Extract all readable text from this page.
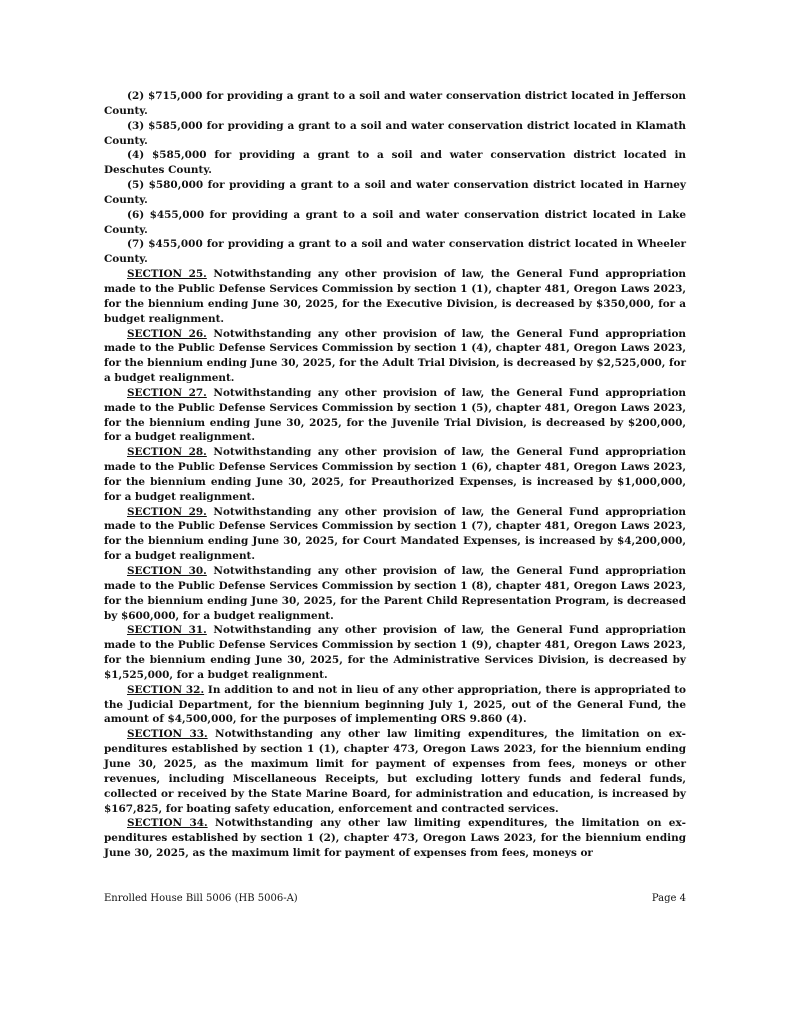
(2) $715,000 for providing a grant to a soil and water conservation district located in Jefferson County.

(3) $585,000 for providing a grant to a soil and water conservation district located in Klamath County.

(4) $585,000 for providing a grant to a soil and water conservation district located in Deschutes County.

(5) $580,000 for providing a grant to a soil and water conservation district located in Harney County.

(6) $455,000 for providing a grant to a soil and water conservation district located in Lake County.

(7) $455,000 for providing a grant to a soil and water conservation district located in Wheeler County.

SECTION 25. Notwithstanding any other provision of law, the General Fund appropriation made to the Public Defense Services Commission by section 1 (1), chapter 481, Oregon Laws 2023, for the biennium ending June 30, 2025, for the Executive Division, is decreased by $350,000, for a budget realignment.

SECTION 26. Notwithstanding any other provision of law, the General Fund appropriation made to the Public Defense Services Commission by section 1 (4), chapter 481, Oregon Laws 2023, for the biennium ending June 30, 2025, for the Adult Trial Division, is decreased by $2,525,000, for a budget realignment.

SECTION 27. Notwithstanding any other provision of law, the General Fund appropriation made to the Public Defense Services Commission by section 1 (5), chapter 481, Oregon Laws 2023, for the biennium ending June 30, 2025, for the Juvenile Trial Division, is decreased by $200,000, for a budget realignment.

SECTION 28. Notwithstanding any other provision of law, the General Fund appropriation made to the Public Defense Services Commission by section 1 (6), chapter 481, Oregon Laws 2023, for the biennium ending June 30, 2025, for Preauthorized Expenses, is increased by $1,000,000, for a budget realignment.

SECTION 29. Notwithstanding any other provision of law, the General Fund appropriation made to the Public Defense Services Commission by section 1 (7), chapter 481, Oregon Laws 2023, for the biennium ending June 30, 2025, for Court Mandated Expenses, is increased by $4,200,000, for a budget realignment.

SECTION 30. Notwithstanding any other provision of law, the General Fund appropriation made to the Public Defense Services Commission by section 1 (8), chapter 481, Oregon Laws 2023, for the biennium ending June 30, 2025, for the Parent Child Representation Program, is decreased by $600,000, for a budget realignment.

SECTION 31. Notwithstanding any other provision of law, the General Fund appropriation made to the Public Defense Services Commission by section 1 (9), chapter 481, Oregon Laws 2023, for the biennium ending June 30, 2025, for the Administrative Services Division, is decreased by $1,525,000, for a budget realignment.

SECTION 32. In addition to and not in lieu of any other appropriation, there is appropriated to the Judicial Department, for the biennium beginning July 1, 2025, out of the General Fund, the amount of $4,500,000, for the purposes of implementing ORS 9.860 (4).

SECTION 33. Notwithstanding any other law limiting expenditures, the limitation on expenditures established by section 1 (1), chapter 473, Oregon Laws 2023, for the biennium ending June 30, 2025, as the maximum limit for payment of expenses from fees, moneys or other revenues, including Miscellaneous Receipts, but excluding lottery funds and federal funds, collected or received by the State Marine Board, for administration and education, is increased by $167,825, for boating safety education, enforcement and contracted services.

SECTION 34. Notwithstanding any other law limiting expenditures, the limitation on expenditures established by section 1 (2), chapter 473, Oregon Laws 2023, for the biennium ending June 30, 2025, as the maximum limit for payment of expenses from fees, moneys or

Enrolled House Bill 5006 (HB 5006-A)	Page 4
